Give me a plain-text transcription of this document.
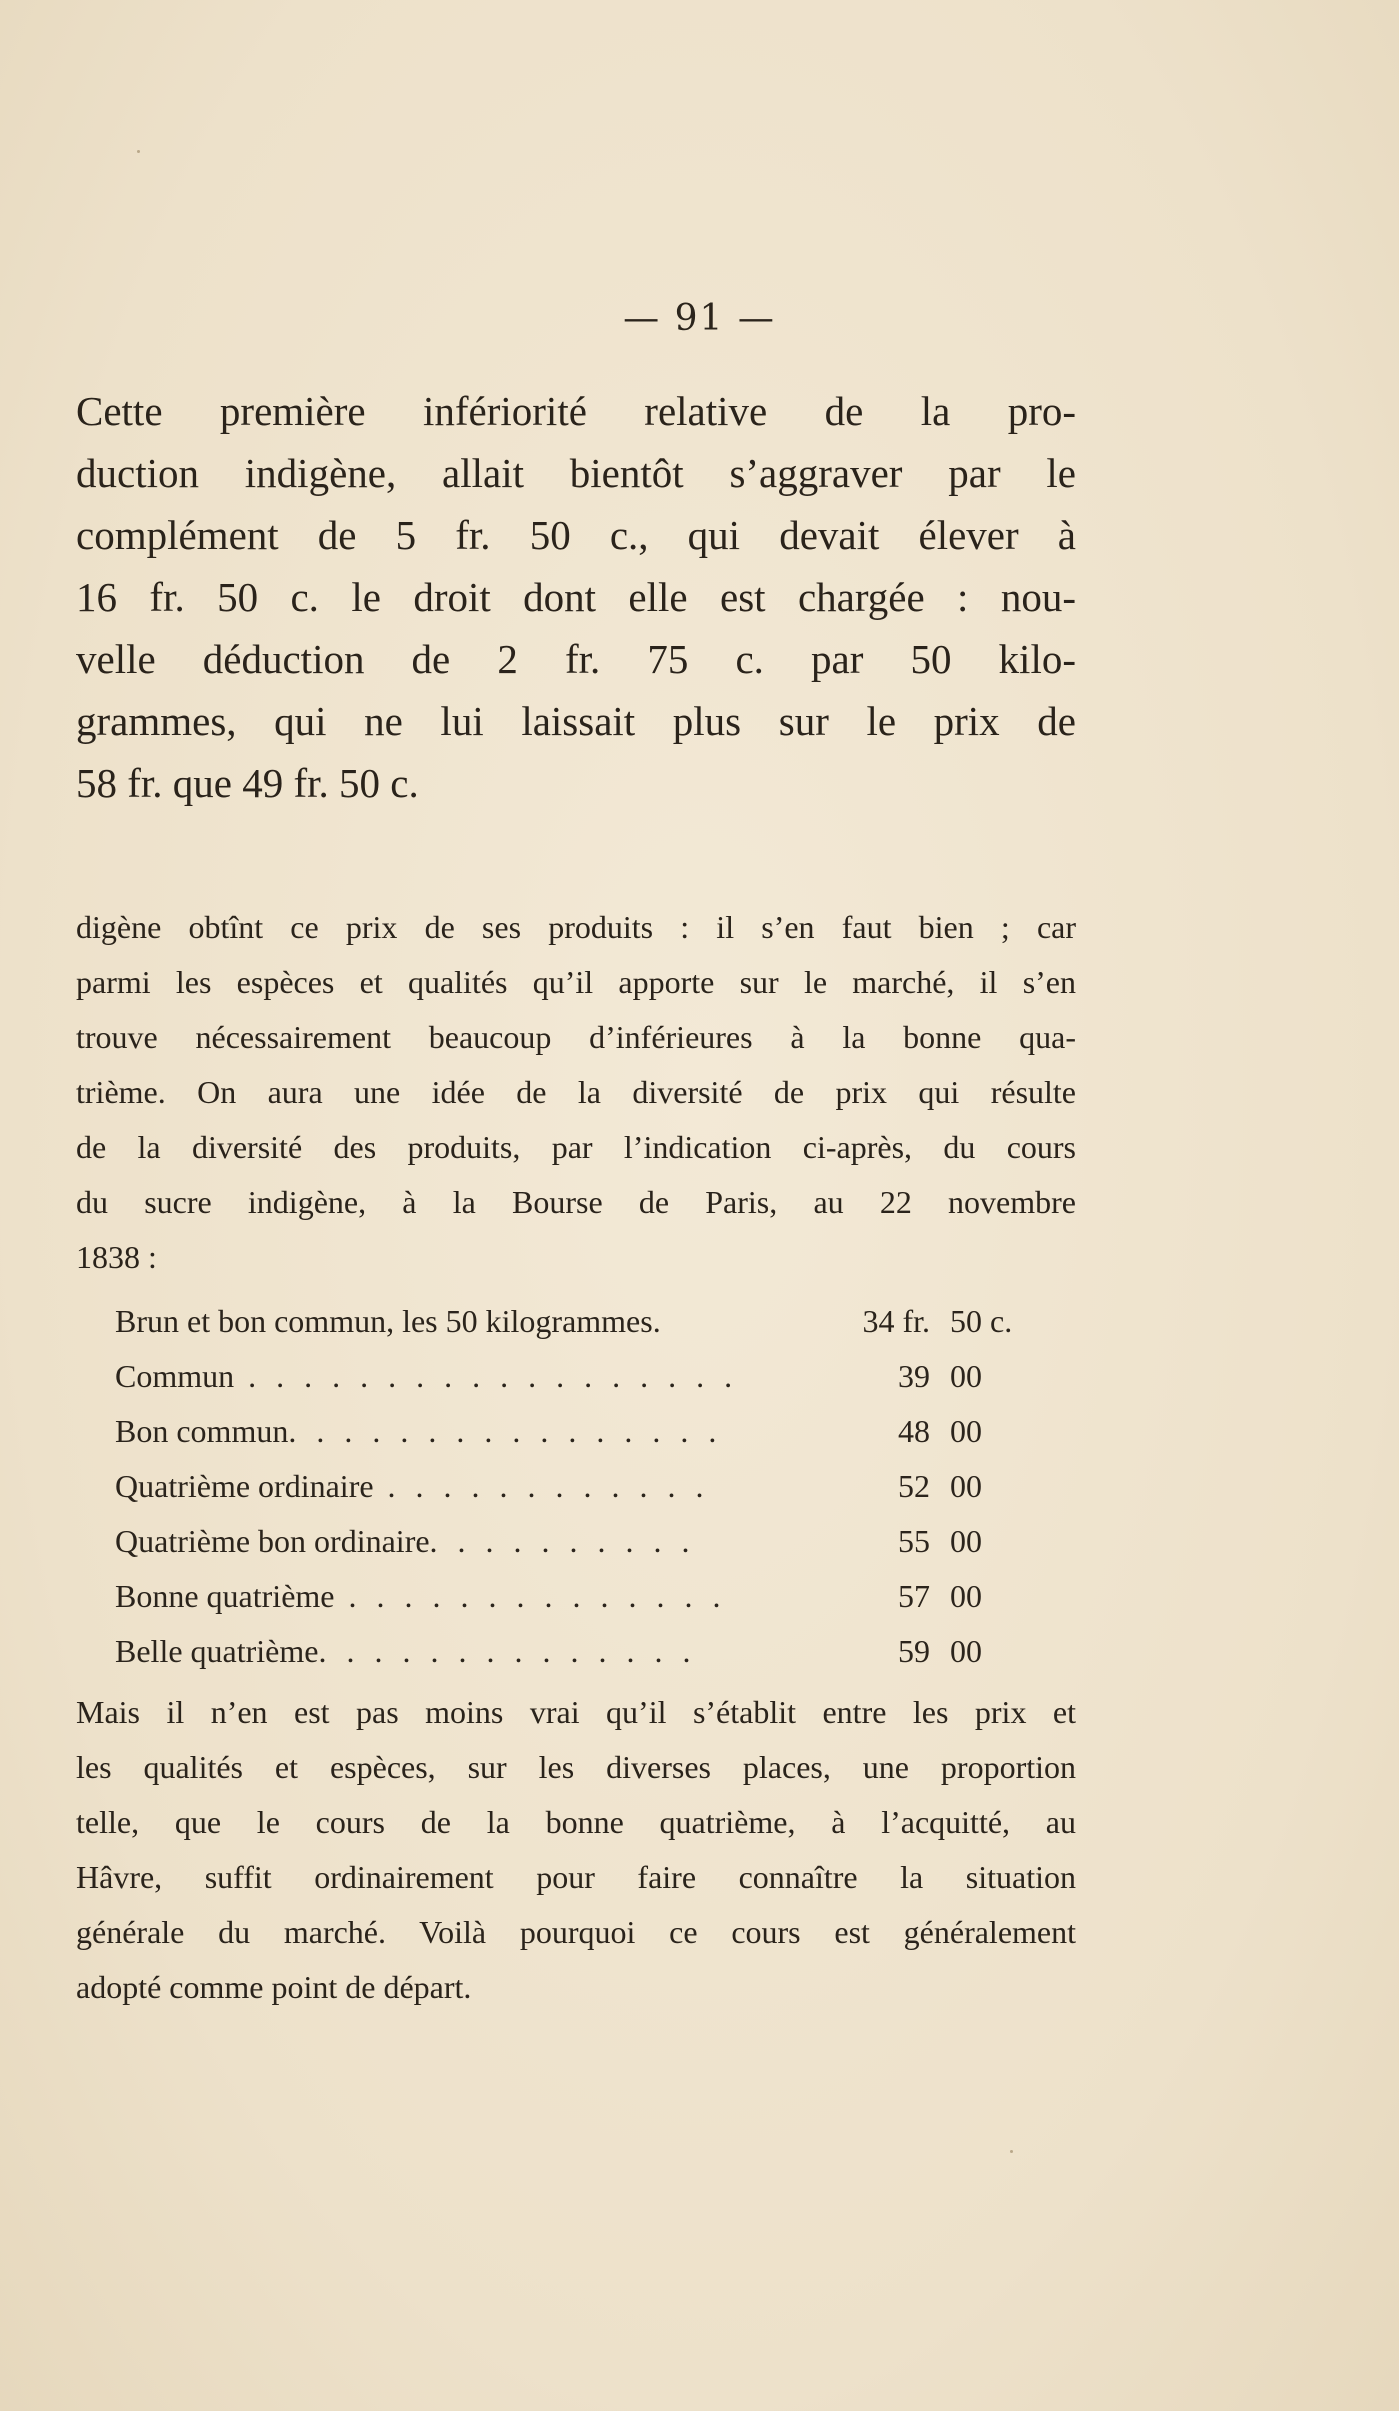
— 91 —
Cette première infériorité relative de la pro-
duction indigène, allait bientôt s’aggraver par le
complément de 5 fr. 50 c., qui devait élever à
16 fr. 50 c. le droit dont elle est chargée : nou-
velle déduction de 2 fr. 75 c. par 50 kilo-
grammes, qui ne lui laissait plus sur le prix de
58 fr. que 49 fr. 50 c.
digène obtînt ce prix de ses produits : il s’en faut bien ; car
parmi les espèces et qualités qu’il apporte sur le marché, il s’en
trouve nécessairement beaucoup d’inférieures à la bonne qua-
trième. On aura une idée de la diversité de prix qui résulte
de la diversité des produits, par l’indication ci-après, du cours
du sucre indigène, à la Bourse de Paris, au 22 novembre
1838 :
Brun et bon commun, les 50 kilogrammes.	34 fr. 50 c.
Commun . . . . . . . . . . . . . . . . . .	39 00
Bon commun. . . . . . . . . . . . . . . .	48 00
Quatrième ordinaire . . . . . . . . . . . .	52 00
Quatrième bon ordinaire. . . . . . . . . .	55 00
Bonne quatrième . . . . . . . . . . . . . .	57 00
Belle quatrième. . . . . . . . . . . . . .	59 00
Mais il n’en est pas moins vrai qu’il s’établit entre les prix et
les qualités et espèces, sur les diverses places, une proportion
telle, que le cours de la bonne quatrième, à l’acquitté, au
Hâvre, suffit ordinairement pour faire connaître la situation
générale du marché. Voilà pourquoi ce cours est généralement
adopté comme point de départ.
